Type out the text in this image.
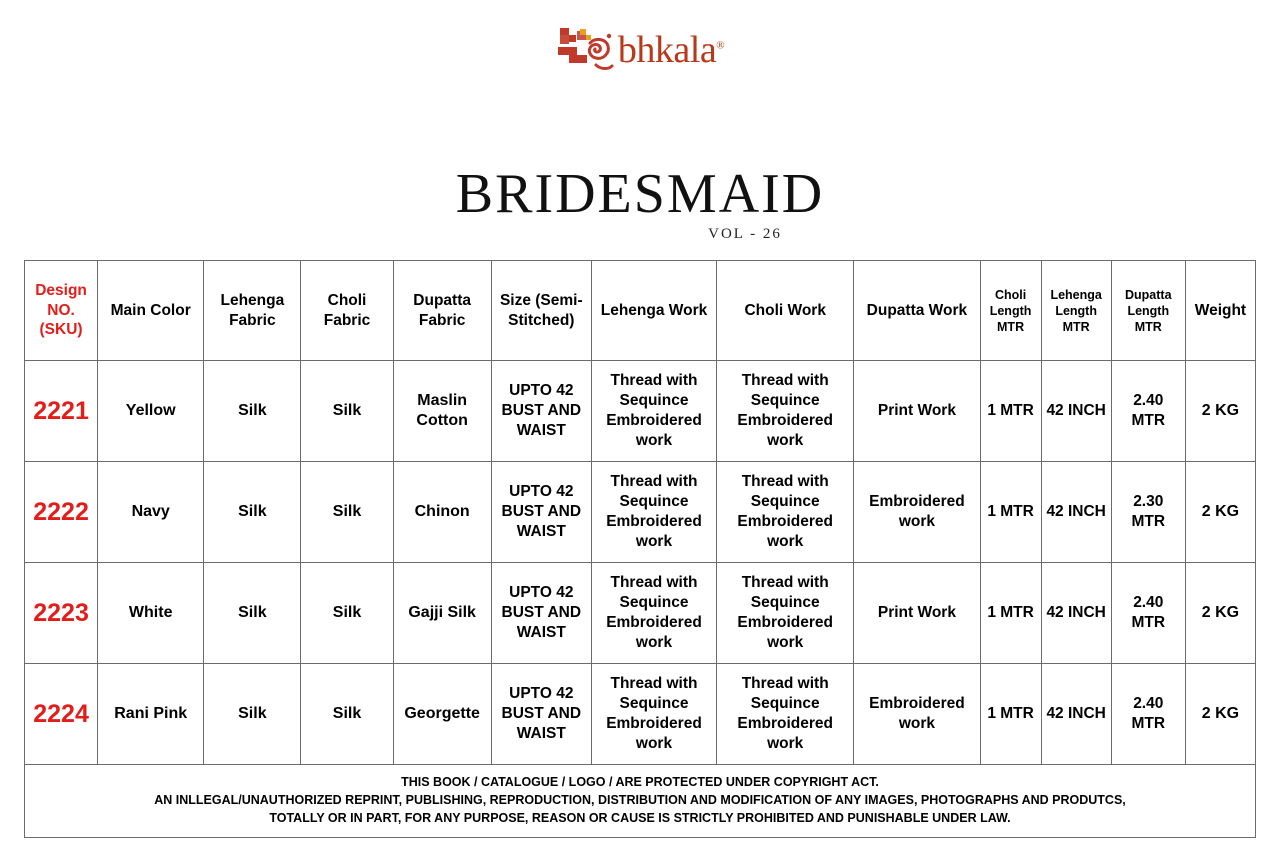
bhkala®
BRIDESMAID
VOL - 26
Design NO. (SKU)	Main Color	Lehenga Fabric	Choli Fabric	Dupatta Fabric	Size (Semi-Stitched)	Lehenga Work	Choli Work	Dupatta Work	Choli Length MTR	Lehenga Length MTR	Dupatta Length MTR	Weight
2221	Yellow	Silk	Silk	Maslin Cotton	UPTO 42 BUST AND WAIST	Thread with Sequince Embroidered work	Thread with Sequince Embroidered work	Print Work	1 MTR	42 INCH	2.40 MTR	2 KG
2222	Navy	Silk	Silk	Chinon	UPTO 42 BUST AND WAIST	Thread with Sequince Embroidered work	Thread with Sequince Embroidered work	Embroidered work	1 MTR	42 INCH	2.30 MTR	2 KG
2223	White	Silk	Silk	Gajji Silk	UPTO 42 BUST AND WAIST	Thread with Sequince Embroidered work	Thread with Sequince Embroidered work	Print Work	1 MTR	42 INCH	2.40 MTR	2 KG
2224	Rani Pink	Silk	Silk	Georgette	UPTO 42 BUST AND WAIST	Thread with Sequince Embroidered work	Thread with Sequince Embroidered work	Embroidered work	1 MTR	42 INCH	2.40 MTR	2 KG
THIS BOOK / CATALOGUE / LOGO / ARE PROTECTED UNDER COPYRIGHT ACT.
AN INLLEGAL/UNAUTHORIZED REPRINT, PUBLISHING, REPRODUCTION, DISTRIBUTION AND MODIFICATION OF ANY IMAGES, PHOTOGRAPHS AND PRODUTCS,
TOTALLY OR IN PART, FOR ANY PURPOSE, REASON OR CAUSE IS STRICTLY PROHIBITED AND PUNISHABLE UNDER LAW.
